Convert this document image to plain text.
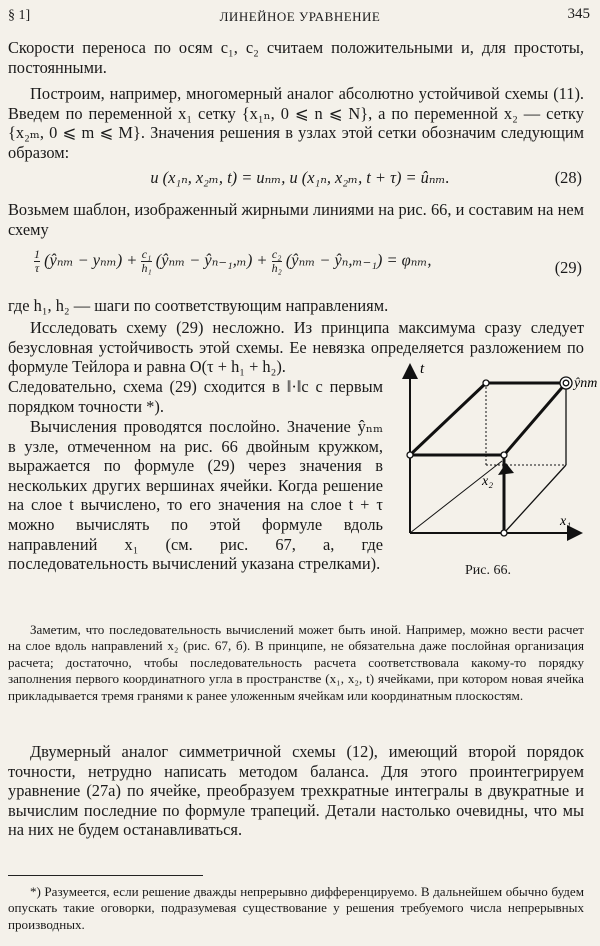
§ 1]	ЛИНЕЙНОЕ УРАВНЕНИЕ	345

Скорости переноса по осям c₁, c₂ считаем положительными и, для простоты, постоянными.

Построим, например, многомерный аналог абсолютно устойчивой схемы (11). Введем по переменной x₁ сетку {x₁ₙ, 0 ⩽ n ⩽ N}, а по переменной x₂ — сетку {x₂ₘ, 0 ⩽ m ⩽ M}. Значения решения в узлах этой сетки обозначим следующим образом:

u (x₁ₙ, x₂ₘ, t) = uₙₘ, u (x₁ₙ, x₂ₘ, t + τ) = ûₙₘ.	(28)

Возьмем шаблон, изображенный жирными линиями на рис. 66, и составим на нем схему

$\frac{1}{\tau}$ (ŷₙₘ − $y_{nm}) + \frac{\text{c₁}}{\text{h₁}}$ (ŷₙₘ − ŷₙ₋₁,ₘ) + $\frac{\text{c₂}}{\text{h₂}}$ (ŷₙₘ − ŷₙ,ₘ₋₁) = φₙₘ,	(29)

где h₁, h₂ — шаги по соответствующим направлениям.

Исследовать схему (29) несложно. Из принципа максимума сразу следует безусловная устойчивость этой схемы. Ее невязка определяется разложением по формуле Тейлора и равна O(τ + h₁ + h₂).

Следовательно, схема (29) сходится в ‖·‖c с первым порядком точности *).

Вычисления проводятся послойно. Значение ŷₙₘ в узле, отмеченном на рис. 66 двойным кружком, выражается по формуле (29) через значения в нескольких других вершинах ячейки. Когда решение на слое t вычислено, то его значения на слое t + τ можно вычислять по этой формуле вдоль направлений x₁ (см. рис. 67, a, где последовательность вычислений указана стрелками).

t
ŷnm
x₂
x₁
Рис. 66.

Заметим, что последовательность вычислений может быть иной. Например, можно вести расчет на слое вдоль направлений x₂ (рис. 67, б). В принципе, не обязательна даже послойная организация расчета; достаточно, чтобы последовательность расчета соответствовала какому-то порядку заполнения первого координатного угла в пространстве (x₁, x₂, t) ячейками, при котором новая ячейка прикладывается тремя гранями к ранее уложенным ячейкам или координатным плоскостям.

Двумерный аналог симметричной схемы (12), имеющий второй порядок точности, нетрудно написать методом баланса. Для этого проинтегрируем уравнение (27а) по ячейке, преобразуем трехкратные интегралы в двукратные и вычислим последние по формуле трапеций. Детали настолько очевидны, что мы на них не будем останавливаться.

*) Разумеется, если решение дважды непрерывно дифференцируемо. В дальнейшем обычно будем опускать такие оговорки, подразумевая существование у решения требуемого числа непрерывных производных.
